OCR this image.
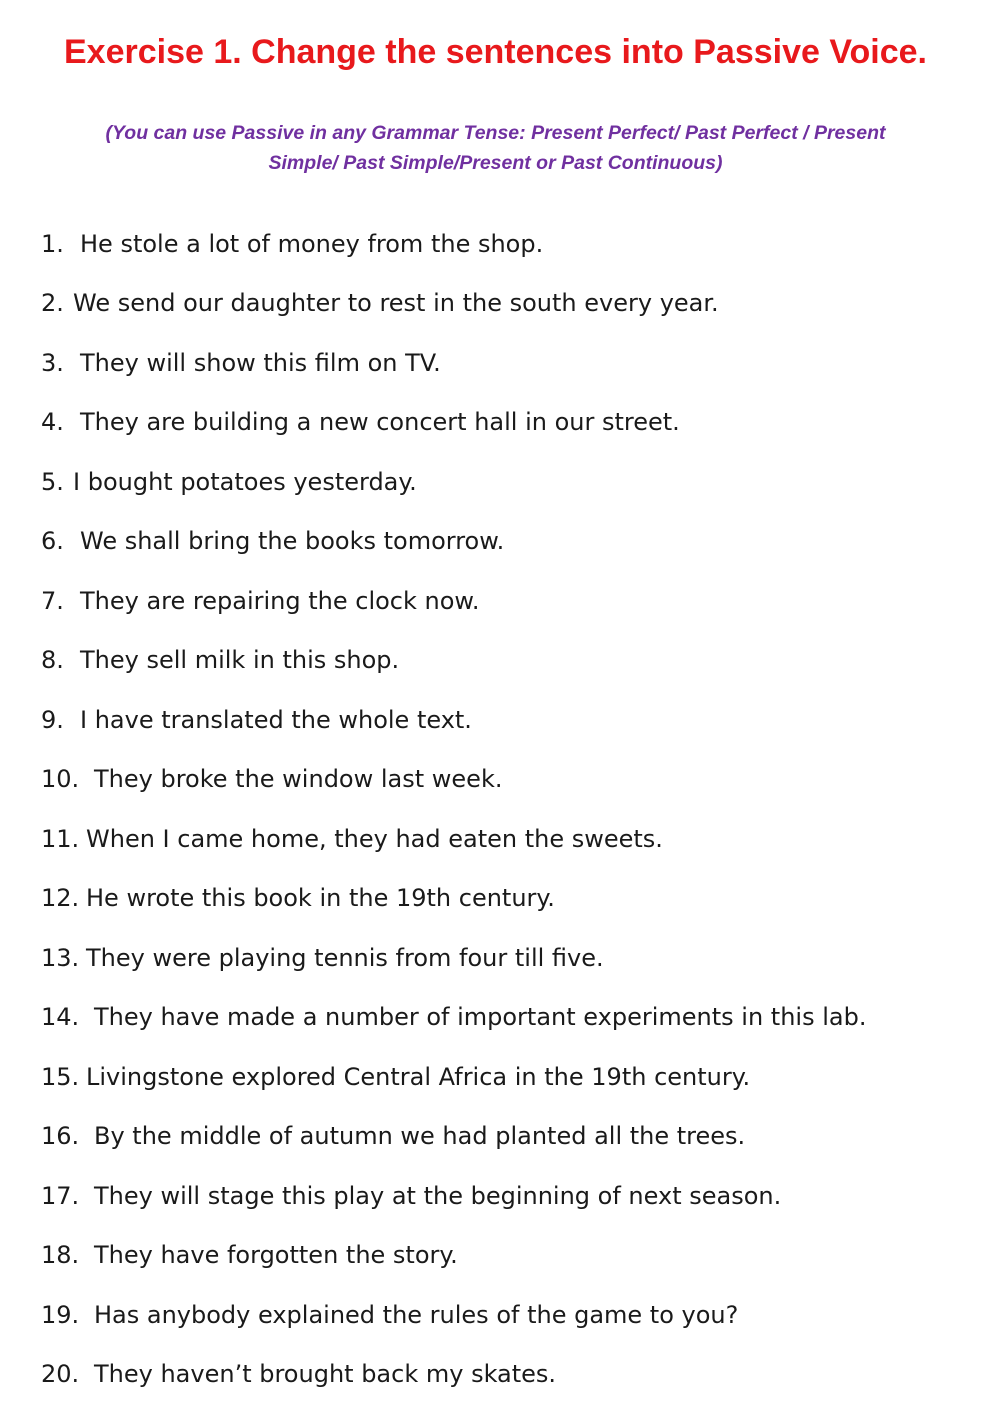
Exercise 1. Change the sentences into Passive Voice.
(You can use Passive in any Grammar Tense: Present Perfect/ Past Perfect / Present Simple/ Past Simple/Present or Past Continuous)
1. He stole a lot of money from the shop.
2. We send our daughter to rest in the south every year.
3. They will show this film on TV.
4. They are building a new concert hall in our street.
5. I bought potatoes yesterday.
6. We shall bring the books tomorrow.
7. They are repairing the clock now.
8. They sell milk in this shop.
9. I have translated the whole text.
10. They broke the window last week.
11. When I came home, they had eaten the sweets.
12. He wrote this book in the 19th century.
13. They were playing tennis from four till five.
14. They have made a number of important experiments in this lab.
15. Livingstone explored Central Africa in the 19th century.
16. By the middle of autumn we had planted all the trees.
17. They will stage this play at the beginning of next season.
18. They have forgotten the story.
19. Has anybody explained the rules of the game to you?
20. They haven’t brought back my skates.
